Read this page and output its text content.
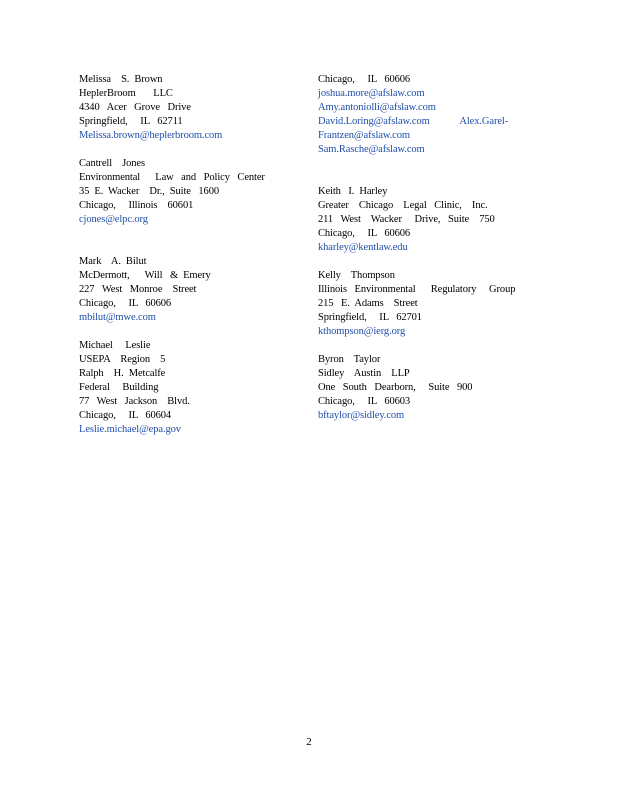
Melissa    S.  Brown
HeplerBroom       LLC
4340   Acer   Grove   Drive
Springfield,     IL   62711
Melissa.brown@heplerbroom.com
Cantrell    Jones
Environmental      Law   and   Policy   Center
35  E.  Wacker    Dr.,  Suite   1600
Chicago,     Illinois    60601
cjones@elpc.org
Mark    A.  Bilut
McDermott,      Will   &  Emery
227   West   Monroe    Street
Chicago,     IL   60606
mbilut@mwe.com
Michael     Leslie
USEPA    Region    5
Ralph    H.  Metcalfe
Federal     Building
77   West   Jackson    Blvd.
Chicago,     IL   60604
Leslie.michael@epa.gov
Chicago,     IL   60606
joshua.more@afslaw.com
Amy.antoniolli@afslaw.com
David.Loring@afslaw.com            Alex.Garel-
Frantzen@afslaw.com
Sam.Rasche@afslaw.com
Keith   I.  Harley
Greater    Chicago    Legal   Clinic,    Inc.
211   West    Wacker     Drive,   Suite    750
Chicago,     IL   60606
kharley@kentlaw.edu
Kelly    Thompson
Illinois   Environmental      Regulatory     Group
215   E.  Adams    Street
Springfield,     IL   62701
kthompson@ierg.org
Byron    Taylor
Sidley    Austin    LLP
One   South   Dearborn,     Suite   900
Chicago,     IL   60603
bftaylor@sidley.com
2
